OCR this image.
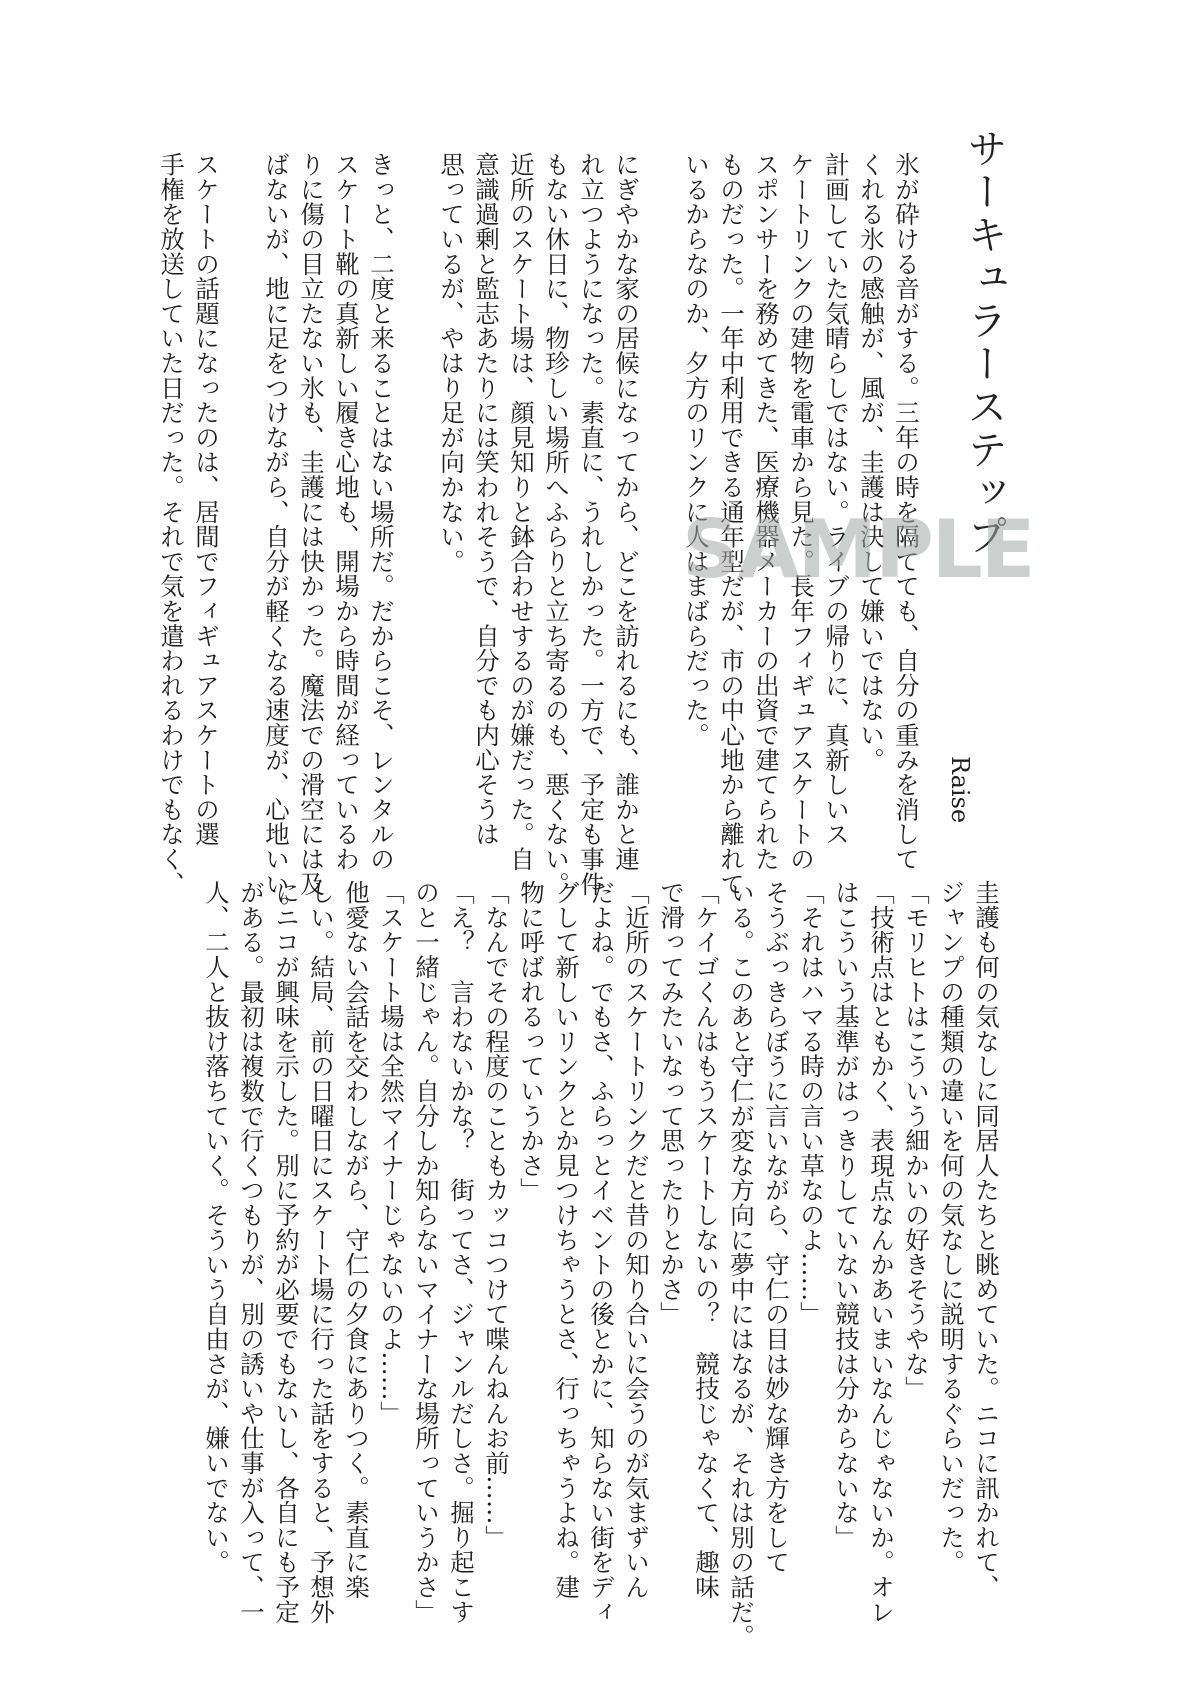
サーキュラーステップ
Raise
氷が砕ける音がする。三年の時を隔てても、自分の重みを消して
くれる氷の感触が、風が、圭護は決して嫌いではない。
計画していた気晴らしではない。ライブの帰りに、真新しいス
ケートリンクの建物を電車から見た。長年フィギュアスケートの
スポンサーを務めてきた、医療機器メーカーの出資で建てられた
ものだった。一年中利用できる通年型だが、市の中心地から離れて
いるからなのか、夕方のリンクに人はまばらだった。
にぎやかな家の居候になってから、どこを訪れるにも、誰かと連
れ立つようになった。素直に、うれしかった。一方で、予定も事件
もない休日に、物珍しい場所へふらりと立ち寄るのも、悪くない。
近所のスケート場は、顔見知りと鉢合わせするのが嫌だった。自
意識過剰と監志あたりには笑われそうで、自分でも内心そうは
思っているが、やはり足が向かない。
きっと、二度と来ることはない場所だ。だからこそ、レンタルの
スケート靴の真新しい履き心地も、開場から時間が経っているわ
りに傷の目立たない氷も、圭護には快かった。魔法での滑空には及
ばないが、地に足をつけながら、自分が軽くなる速度が、心地いい。
スケートの話題になったのは、居間でフィギュアスケートの選
手権を放送していた日だった。それで気を遣われるわけでもなく、
圭護も何の気なしに同居人たちと眺めていた。ニコに訊かれて、
ジャンプの種類の違いを何の気なしに説明するぐらいだった。
「モリヒトはこういう細かいの好きそうやな」
「技術点はともかく、表現点なんかあいまいなんじゃないか。オレ
はこういう基準がはっきりしていない競技は分からないな」
「それはハマる時の言い草なのよ……」
そうぶっきらぼうに言いながら、守仁の目は妙な輝き方をして
いる。このあと守仁が変な方向に夢中にはなるが、それは別の話だ。
「ケイゴくんはもうスケートしないの？　競技じゃなくて、趣味
で滑ってみたいなって思ったりとかさ」
「近所のスケートリンクだと昔の知り合いに会うのが気まずいん
だよね。でもさ、ふらっとイベントの後とかに、知らない街をディ
グして新しいリンクとか見つけちゃうとさ、行っちゃうよね。建
物に呼ばれるっていうかさ」
「なんでその程度のこともカッコつけて喋んねんお前……」
「え？　言わないかな？　街ってさ、ジャンルだしさ。掘り起こす
のと一緒じゃん。自分しか知らないマイナーな場所っていうかさ」
「スケート場は全然マイナーじゃないのよ……」
他愛ない会話を交わしながら、守仁の夕食にありつく。素直に楽
しい。結局、前の日曜日にスケート場に行った話をすると、予想外
にニコが興味を示した。別に予約が必要でもないし、各自にも予定
がある。最初は複数で行くつもりが、別の誘いや仕事が入って、一
人、二人と抜け落ちていく。そういう自由さが、嫌いでない。
SAMPLE
